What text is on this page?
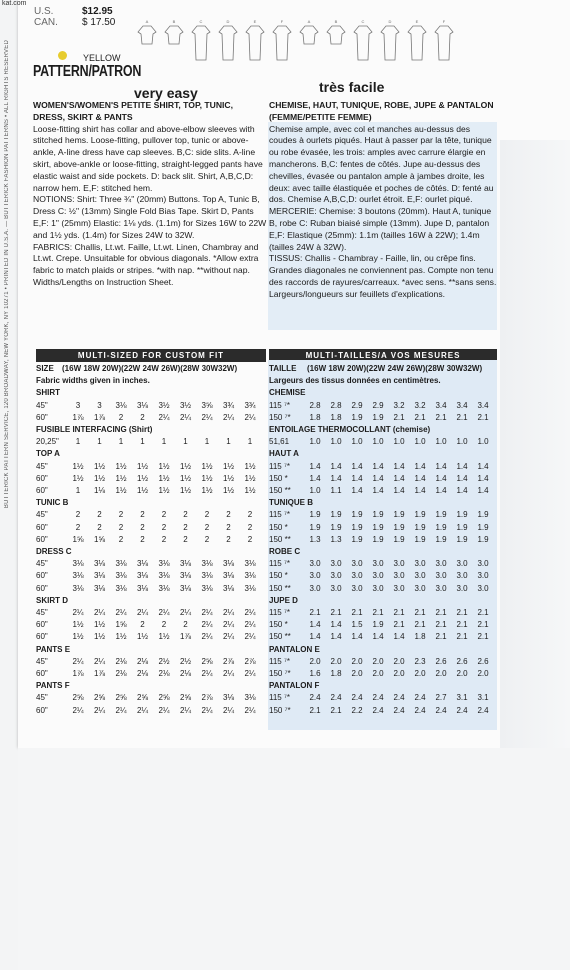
kat.com
BUTTERICK PATTERN SERVICE, 120 BROADWAY, NEW YORK, NY 10271 • PRINTED IN U.S.A. — BUTTERICK FASHION PATTERNS • ALL RIGHTS RESERVED
U.S.	$12.95
CAN. $ 17.50
YELLOW
PATTERN/PATRON
A	B	C	D	E	F	A	B	C	D	E	F
very easy	très facile

WOMEN'S/WOMEN'S PETITE SHIRT, TOP, TUNIC, DRESS, SKIRT & PANTS

Loose-fitting shirt has collar and above-elbow sleeves with stitched hems. Loose-fitting, pullover top, tunic or above-ankle, A-line dress have cap sleeves. B,C: side slits. A-line skirt, above-ankle or loose-fitting, straight-legged pants have elastic waist and side pockets. D: back slit. Shirt, A,B,C,D: narrow hem. E,F: stitched hem.

NOTIONS: Shirt: Three ¾" (20mm) Buttons. Top A, Tunic B, Dress C: ½" (13mm) Single Fold Bias Tape. Skirt D, Pants E,F: 1" (25mm) Elastic: 1⅛ yds. (1.1m) for Sizes 16W to 22W and 1½ yds. (1.4m) for Sizes 24W to 32W.

FABRICS: Challis, Lt.wt. Faille, Lt.wt. Linen, Chambray and Lt.wt. Crepe. Unsuitable for obvious diagonals. *Allow extra fabric to match plaids or stripes. *with nap. **without nap.

Widths/Lengths on Instruction Sheet.

CHEMISE, HAUT, TUNIQUE, ROBE, JUPE & PANTALON (FEMME/PETITE FEMME)

Chemise ample, avec col et manches au-dessus des coudes à ourlets piqués. Haut à passer par la tête, tunique ou robe évasée, les trois: amples avec carrure élargie en mancherons. B,C: fentes de côtés. Jupe au-dessus des chevilles, évasée ou pantalon ample à jambes droite, les deux: avec taille élastiquée et poches de côtés. D: fenté au dos. Chemise A,B,C,D: ourlet étroit. E,F: ourlet piqué.

MERCERIE: Chemise: 3 boutons (20mm). Haut A, tunique B, robe C: Ruban biaisé simple (13mm). Jupe D, pantalon E,F: Elastique (25mm): 1.1m (tailles 16W à 22W); 1.4m (tailles 24W à 32W).

TISSUS: Challis - Chambray - Faille, lin, ou crêpe fins. Grandes diagonales ne conviennent pas. Compte non tenu des raccords de rayures/carreaux. *avec sens. **sans sens.

Largeurs/longueurs sur feuillets d'explications.

MULTI-SIZED FOR CUSTOM FIT	MULTI-TAILLES/A VOS MESURES
SIZE (16W 18W 20W)(22W 24W 26W)(28W 30W32W)
Fabric widths given in inches.
SHIRT
45"	3	3	3⅛	3⅛	3½	3½	3⅝	3¾	3¾
60"	1⅞	1⅞	2	2	2¼	2¼	2¼	2¼	2¼
FUSIBLE INTERFACING (Shirt)
20,25"	1	1	1	1	1	1	1	1	1
TOP A
45"	1½	1½	1½	1½	1½	1½	1½	1½	1½
60"	1½	1½	1½	1½	1½	1½	1½	1½	1½
60"	1	1⅛	1½	1½	1½	1½	1½	1½	1½
TUNIC B
45"	2	2	2	2	2	2	2	2	2
60"	2	2	2	2	2	2	2	2	2
60"	1⅝	1⅝	2	2	2	2	2	2	2
DRESS C
45"	3⅛	3⅛	3⅛	3⅛	3⅛	3⅛	3⅛	3⅛	3⅛
60"	3⅛	3⅛	3⅛	3⅛	3⅛	3⅛	3⅛	3⅛	3⅛
60"	3⅛	3⅛	3⅛	3⅛	3⅛	3⅛	3⅛	3⅛	3⅛
SKIRT D
45"	2¼	2¼	2¼	2¼	2¼	2¼	2¼	2¼	2¼
60"	1½	1½	1⅝	2	2	2	2¼	2¼	2¼
60"	1½	1½	1½	1½	1½	1⅞	2¼	2¼	2¼
PANTS E
45"	2¼	2¼	2⅛	2⅛	2½	2½	2⅝	2⅞	2⅞
60"	1⅞	1⅞	2⅛	2⅛	2⅛	2⅛	2¼	2¼	2¼
PANTS F
45"	2⅝	2⅝	2⅝	2⅝	2⅝	2⅝	2⅞	3⅛	3⅛
60"	2¼	2¼	2¼	2¼	2¼	2¼	2¼	2¼	2¼
TAILLE (16W 18W 20W)(22W 24W 26W)(28W 30W32W)
Largeurs des tissus données en centimètres.
CHEMISE
115 ⁷*	2.8	2.8	2.9	2.9	3.2	3.2	3.4	3.4	3.4
150 ⁷*	1.8	1.8	1.9	1.9	2.1	2.1	2.1	2.1	2.1
ENTOILAGE THERMOCOLLANT (chemise)
51,61	1.0	1.0	1.0	1.0	1.0	1.0	1.0	1.0	1.0
HAUT A
115 ⁷*	1.4	1.4	1.4	1.4	1.4	1.4	1.4	1.4	1.4
150 *	1.4	1.4	1.4	1.4	1.4	1.4	1.4	1.4	1.4
150 **	1.0	1.1	1.4	1.4	1.4	1.4	1.4	1.4	1.4
TUNIQUE B
115 ⁷*	1.9	1.9	1.9	1.9	1.9	1.9	1.9	1.9	1.9
150 *	1.9	1.9	1.9	1.9	1.9	1.9	1.9	1.9	1.9
150 **	1.3	1.3	1.9	1.9	1.9	1.9	1.9	1.9	1.9
ROBE C
115 ⁷*	3.0	3.0	3.0	3.0	3.0	3.0	3.0	3.0	3.0
150 *	3.0	3.0	3.0	3.0	3.0	3.0	3.0	3.0	3.0
150 **	3.0	3.0	3.0	3.0	3.0	3.0	3.0	3.0	3.0
JUPE D
115 ⁷*	2.1	2.1	2.1	2.1	2.1	2.1	2.1	2.1	2.1
150 *	1.4	1.4	1.5	1.9	2.1	2.1	2.1	2.1	2.1
150 **	1.4	1.4	1.4	1.4	1.4	1.8	2.1	2.1	2.1
PANTALON E
115 ⁷*	2.0	2.0	2.0	2.0	2.0	2.3	2.6	2.6	2.6
150 ⁷*	1.6	1.8	2.0	2.0	2.0	2.0	2.0	2.0	2.0
PANTALON F
115 ⁷*	2.4	2.4	2.4	2.4	2.4	2.4	2.7	3.1	3.1
150 ⁷*	2.1	2.1	2.2	2.4	2.4	2.4	2.4	2.4	2.4
